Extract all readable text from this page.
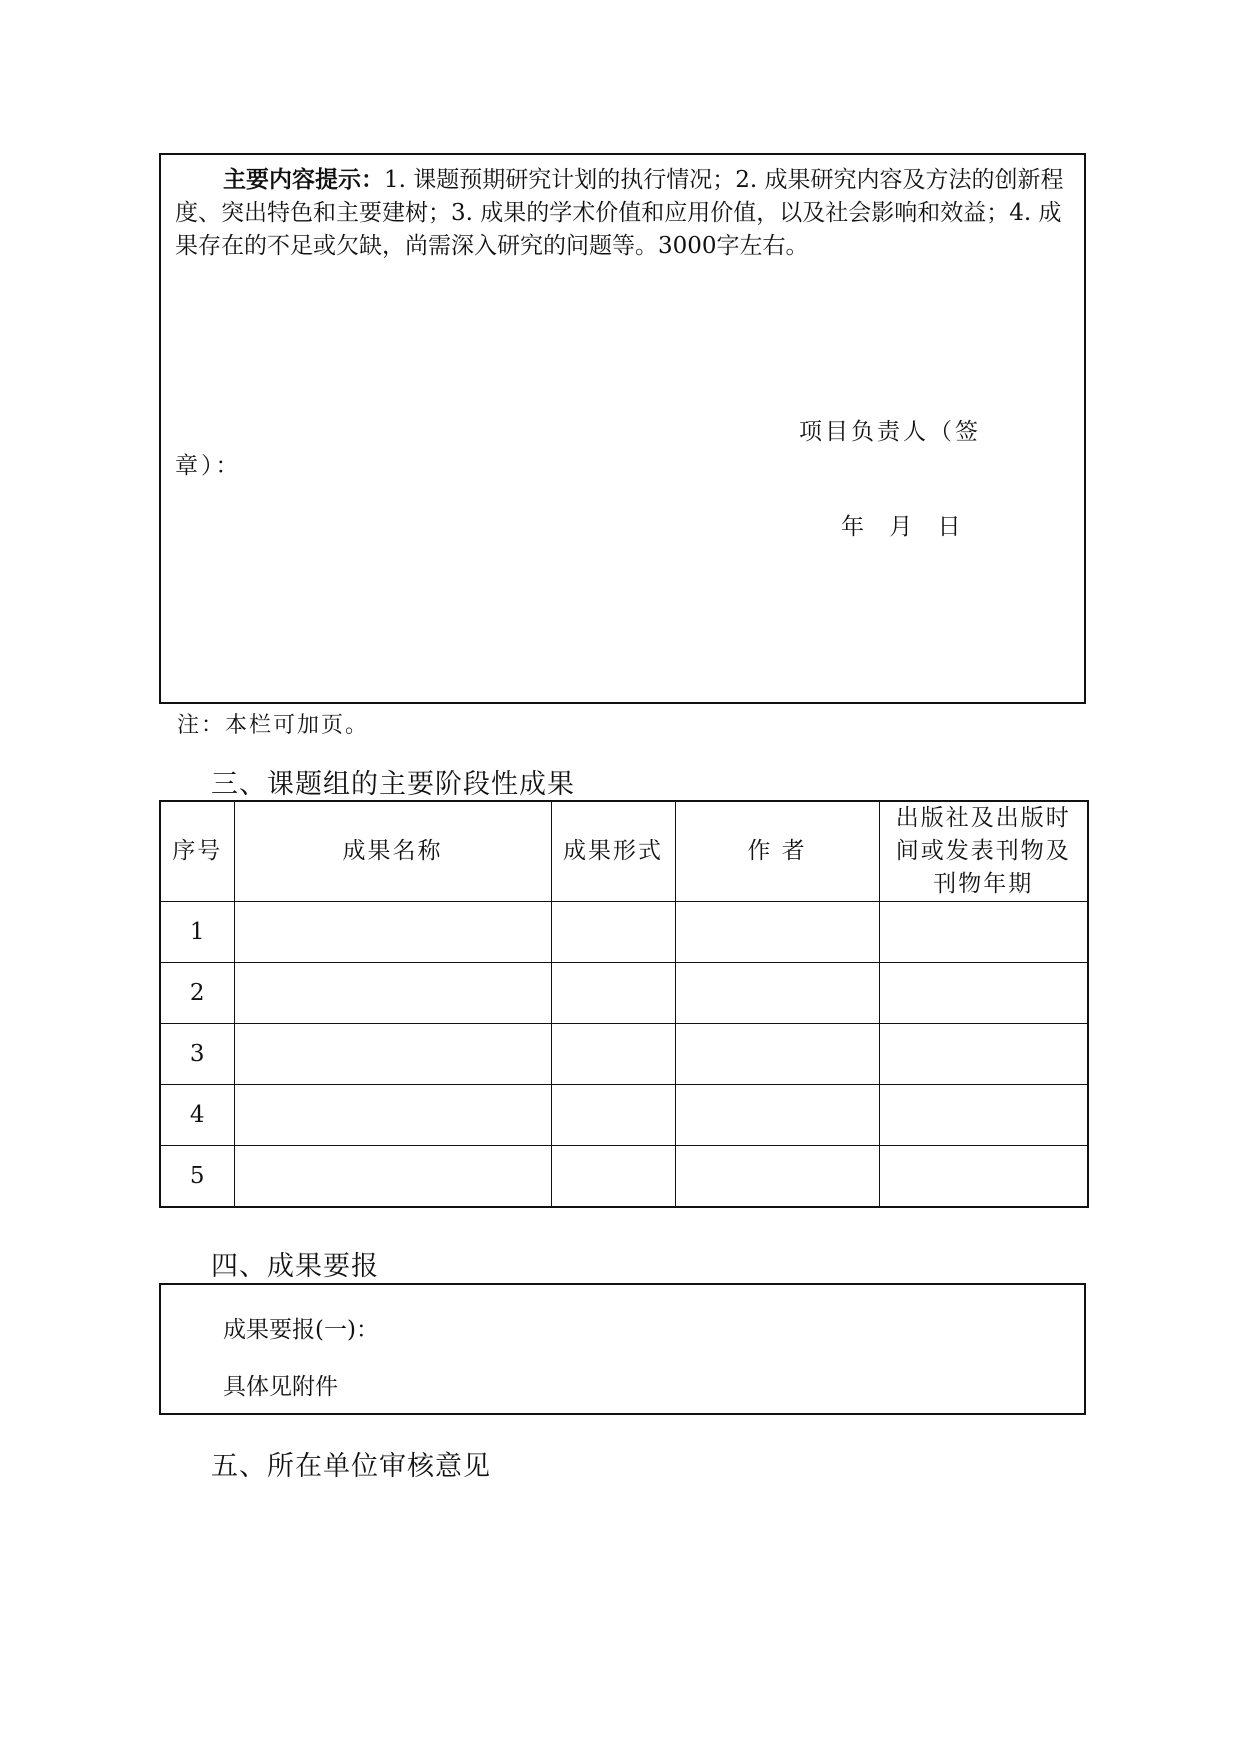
主要内容提示：1. 课题预期研究计划的执行情况；2. 成果研究内容及方法的创新程度、突出特色和主要建树；3. 成果的学术价值和应用价值，以及社会影响和效益；4. 成果存在的不足或欠缺，尚需深入研究的问题等。3000字左右。

项目负责人（签
章）：
年 月 日
注：本栏可加页。
三、课题组的主要阶段性成果
序号	成果名称	成果形式	作 者	出版社及出版时间或发表刊物及刊物年期
1				
2				
3				
4				
5				
四、成果要报
成果要报(一)：
具体见附件
五、所在单位审核意见
